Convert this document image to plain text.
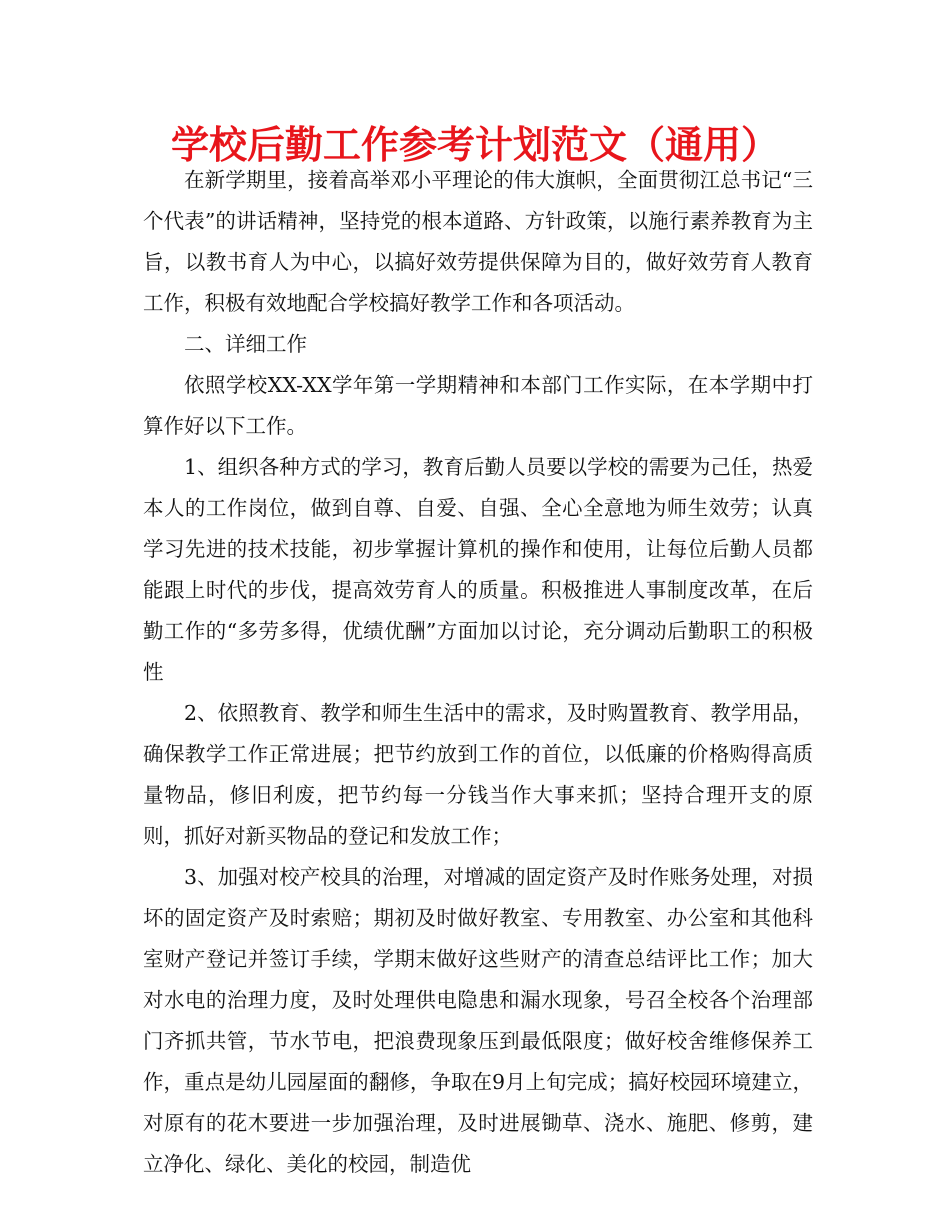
学校后勤工作参考计划范文（通用）

在新学期里，接着高举邓小平理论的伟大旗帜，全面贯彻江总书记“三个代表”的讲话精神，坚持党的根本道路、方针政策，以施行素养教育为主旨，以教书育人为中心，以搞好效劳提供保障为目的，做好效劳育人教育工作，积极有效地配合学校搞好教学工作和各项活动。

二、详细工作

依照学校XX-XX学年第一学期精神和本部门工作实际，在本学期中打算作好以下工作。

1、组织各种方式的学习，教育后勤人员要以学校的需要为己任，热爱本人的工作岗位，做到自尊、自爱、自强、全心全意地为师生效劳；认真学习先进的技术技能，初步掌握计算机的操作和使用，让每位后勤人员都能跟上时代的步伐，提高效劳育人的质量。积极推进人事制度改革，在后勤工作的“多劳多得，优绩优酬”方面加以讨论，充分调动后勤职工的积极性

2、依照教育、教学和师生生活中的需求，及时购置教育、教学用品，确保教学工作正常进展；把节约放到工作的首位，以低廉的价格购得高质量物品，修旧利废，把节约每一分钱当作大事来抓；坚持合理开支的原则，抓好对新买物品的登记和发放工作；

3、加强对校产校具的治理，对增减的固定资产及时作账务处理，对损坏的固定资产及时索赔；期初及时做好教室、专用教室、办公室和其他科室财产登记并签订手续，学期末做好这些财产的清查总结评比工作；加大对水电的治理力度，及时处理供电隐患和漏水现象，号召全校各个治理部门齐抓共管，节水节电，把浪费现象压到最低限度；做好校舍维修保养工作，重点是幼儿园屋面的翻修，争取在9月上旬完成；搞好校园环境建立，对原有的花木要进一步加强治理，及时进展锄草、浇水、施肥、修剪，建立净化、绿化、美化的校园，制造优
